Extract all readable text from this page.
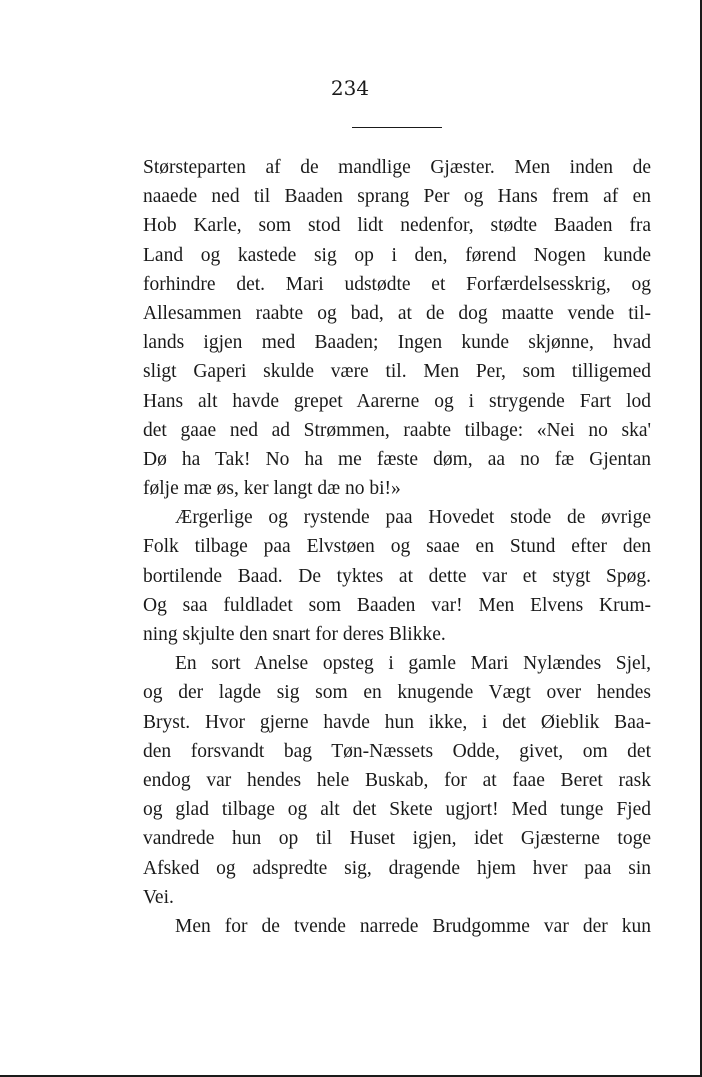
234
Størsteparten af de mandlige Gjæster. Men inden de
naaede ned til Baaden sprang Per og Hans frem af en
Hob Karle, som stod lidt nedenfor, stødte Baaden fra
Land og kastede sig op i den, førend Nogen kunde
forhindre det. Mari udstødte et Forfærdelsesskrig, og
Allesammen raabte og bad, at de dog maatte vende til-
lands igjen med Baaden; Ingen kunde skjønne, hvad
sligt Gaperi skulde være til. Men Per, som tilligemed
Hans alt havde grepet Aarerne og i strygende Fart lod
det gaae ned ad Strømmen, raabte tilbage: «Nei no ska'
Dø ha Tak! No ha me fæste døm, aa no fæ Gjentan
følje mæ øs, ker langt dæ no bi!»
Ærgerlige og rystende paa Hovedet stode de øvrige
Folk tilbage paa Elvstøen og saae en Stund efter den
bortilende Baad. De tyktes at dette var et stygt Spøg.
Og saa fuldladet som Baaden var! Men Elvens Krum-
ning skjulte den snart for deres Blikke.
En sort Anelse opsteg i gamle Mari Nylændes Sjel,
og der lagde sig som en knugende Vægt over hendes
Bryst. Hvor gjerne havde hun ikke, i det Øieblik Baa-
den forsvandt bag Tøn-Næssets Odde, givet, om det
endog var hendes hele Buskab, for at faae Beret rask
og glad tilbage og alt det Skete ugjort! Med tunge Fjed
vandrede hun op til Huset igjen, idet Gjæsterne toge
Afsked og adspredte sig, dragende hjem hver paa sin
Vei.
Men for de tvende narrede Brudgomme var der kun
